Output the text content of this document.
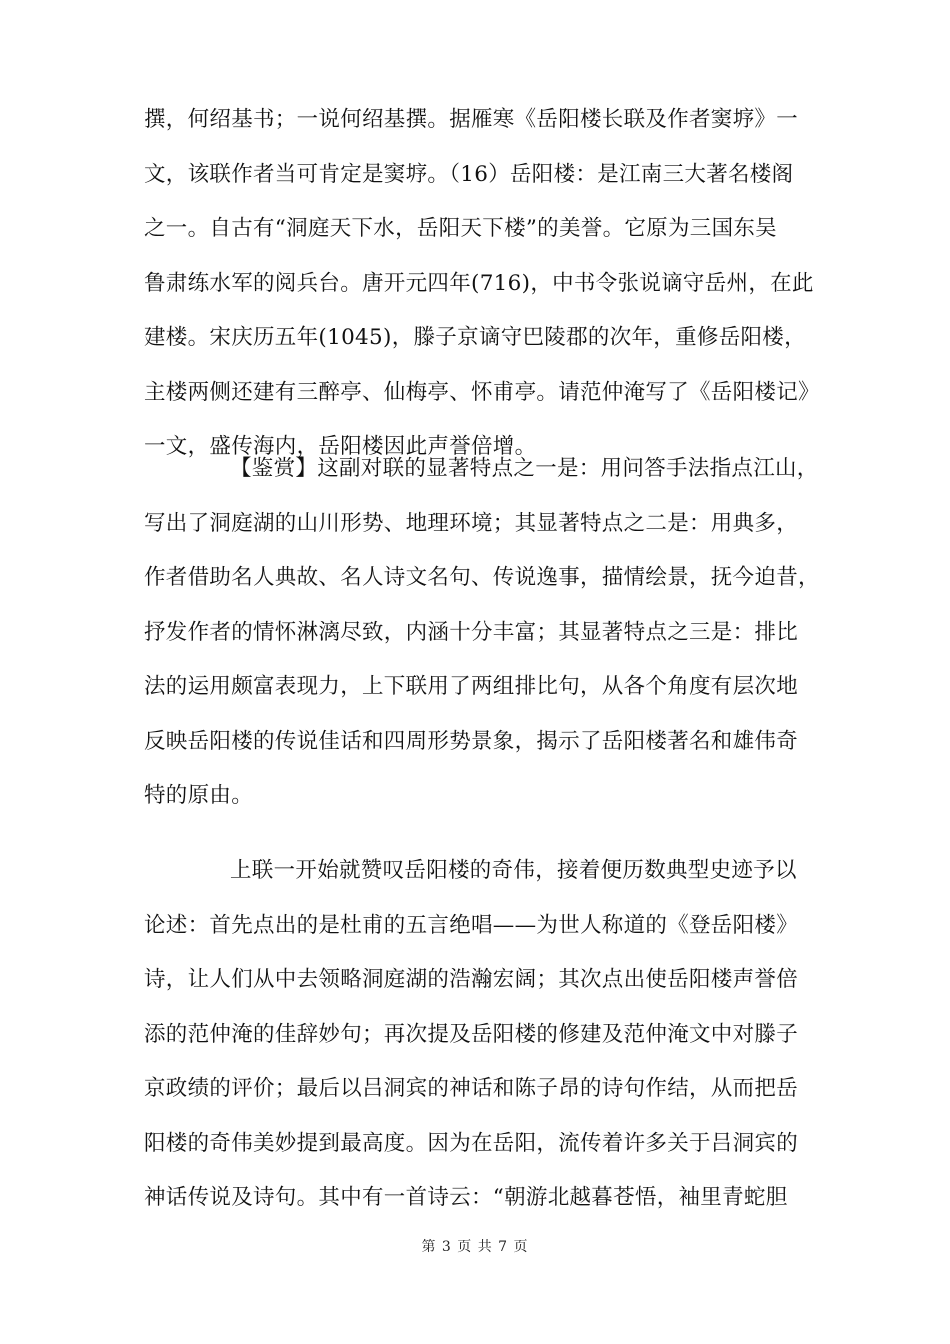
撰，何绍基书；一说何绍基撰。据雁寒《岳阳楼长联及作者窦垿》一
文，该联作者当可肯定是窦垿。（16）岳阳楼：是江南三大著名楼阁
之一。自古有“洞庭天下水，岳阳天下楼”的美誉。它原为三国东吴
鲁肃练水军的阅兵台。唐开元四年(716)，中书令张说谪守岳州，在此
建楼。宋庆历五年(1045)，滕子京谪守巴陵郡的次年，重修岳阳楼，
主楼两侧还建有三醉亭、仙梅亭、怀甫亭。请范仲淹写了《岳阳楼记》
一文，盛传海内，岳阳楼因此声誉倍增。
【鉴赏】这副对联的显著特点之一是：用问答手法指点江山，
写出了洞庭湖的山川形势、地理环境；其显著特点之二是：用典多，
作者借助名人典故、名人诗文名句、传说逸事，描情绘景，抚今迫昔，
抒发作者的情怀淋漓尽致，内涵十分丰富；其显著特点之三是：排比
法的运用颇富表现力，上下联用了两组排比句，从各个角度有层次地
反映岳阳楼的传说佳话和四周形势景象，揭示了岳阳楼著名和雄伟奇
特的原由。
上联一开始就赞叹岳阳楼的奇伟，接着便历数典型史迹予以
论述：首先点出的是杜甫的五言绝唱——为世人称道的《登岳阳楼》
诗，让人们从中去领略洞庭湖的浩瀚宏阔；其次点出使岳阳楼声誉倍
添的范仲淹的佳辞妙句；再次提及岳阳楼的修建及范仲淹文中对滕子
京政绩的评价；最后以吕洞宾的神话和陈子昂的诗句作结，从而把岳
阳楼的奇伟美妙提到最高度。因为在岳阳，流传着许多关于吕洞宾的
神话传说及诗句。其中有一首诗云：“朝游北越暮苍悟，袖里青蛇胆
第 3 页 共 7 页
